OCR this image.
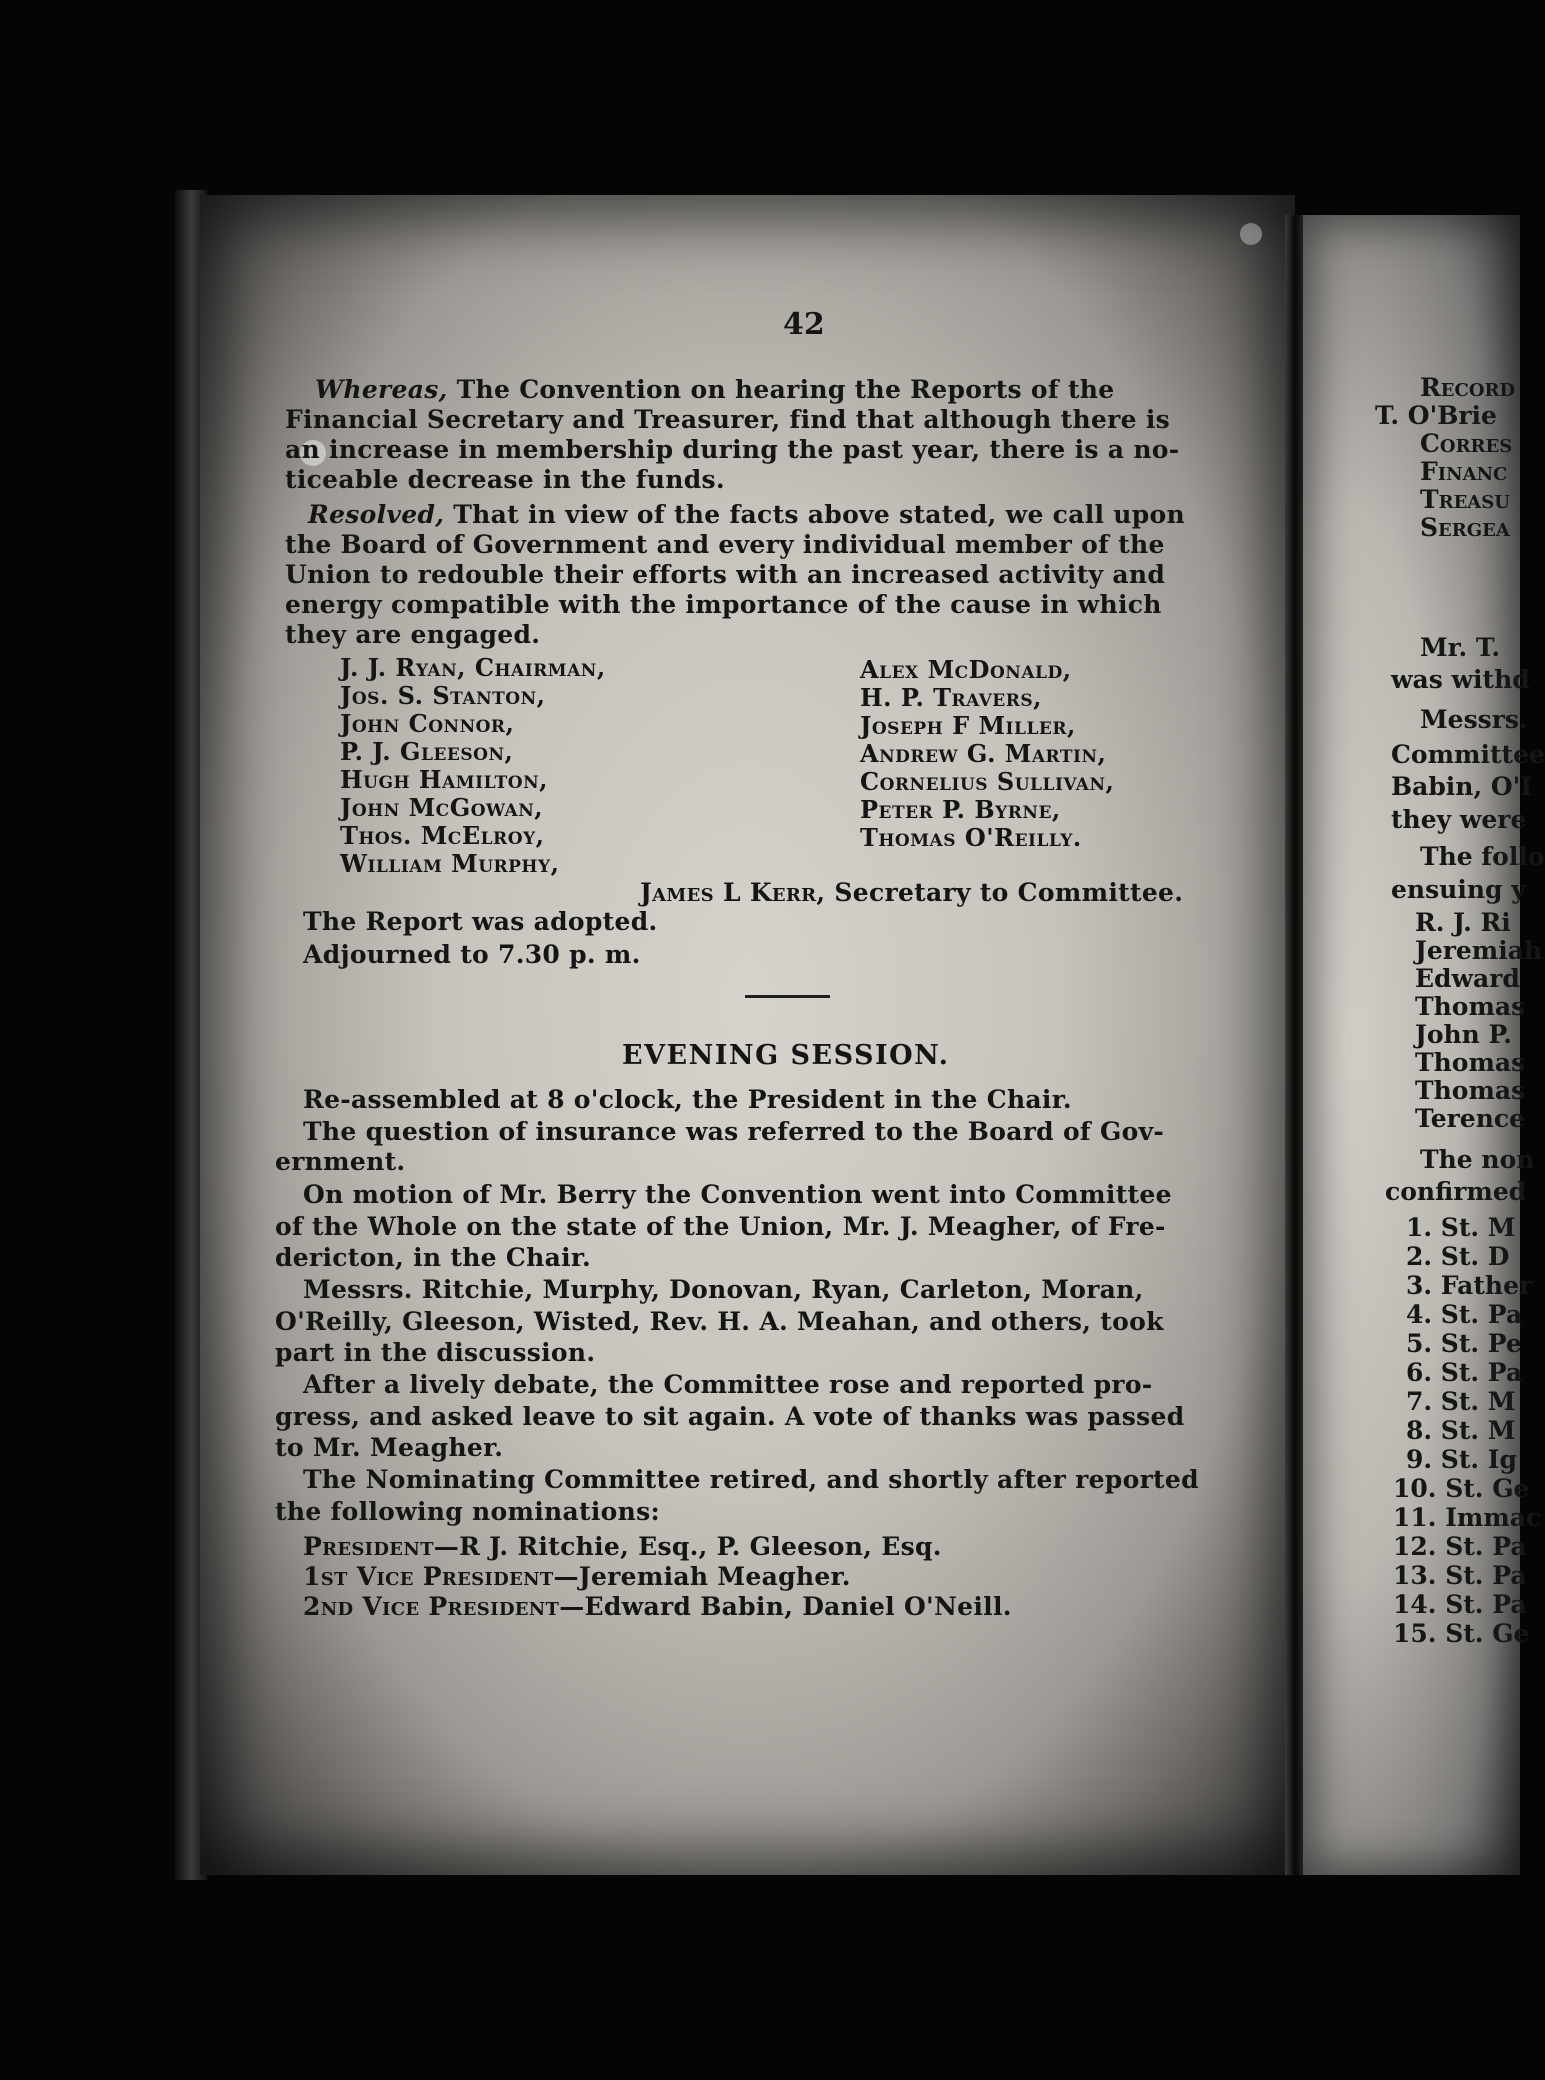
42
Whereas, The Convention on hearing the Reports of the
Financial Secretary and Treasurer, find that although there is
an increase in membership during the past year, there is a no-
ticeable decrease in the funds.
Resolved, That in view of the facts above stated, we call upon
the Board of Government and every individual member of the
Union to redouble their efforts with an increased activity and
energy compatible with the importance of the cause in which
they are engaged.
J. J. Ryan, Chairman,
Jos. S. Stanton,
John Connor,
P. J. Gleeson,
Hugh Hamilton,
John McGowan,
Thos. McElroy,
William Murphy,
Alex McDonald,
H. P. Travers,
Joseph F Miller,
Andrew G. Martin,
Cornelius Sullivan,
Peter P. Byrne,
Thomas O'Reilly.
James L Kerr, Secretary to Committee.
The Report was adopted.
Adjourned to 7.30 p. m.
EVENING SESSION.
Re-assembled at 8 o'clock, the President in the Chair.
The question of insurance was referred to the Board of Gov-
ernment.
On motion of Mr. Berry the Convention went into Committee
of the Whole on the state of the Union, Mr. J. Meagher, of Fre-
dericton, in the Chair.
Messrs. Ritchie, Murphy, Donovan, Ryan, Carleton, Moran,
O'Reilly, Gleeson, Wisted, Rev. H. A. Meahan, and others, took
part in the discussion.
After a lively debate, the Committee rose and reported pro-
gress, and asked leave to sit again. A vote of thanks was passed
to Mr. Meagher.
The Nominating Committee retired, and shortly after reported
the following nominations:
President—R J. Ritchie, Esq., P. Gleeson, Esq.
1st Vice President—Jeremiah Meagher.
2nd Vice President—Edward Babin, Daniel O'Neill.
Record
T. O'Brie
Corres
Financ
Treasu
Sergea
Mr. T.
was withd
Messrs.
Committee
Babin, O'I
they were
The follo
ensuing y
R. J. Ri
Jeremiah
Edward
Thomas
John P.
Thomas
Thomas
Terence
The non
confirmed
1. St. M
2. St. D
3. Father
4. St. Pa
5. St. Pe
6. St. Pa
7. St. M
8. St. M
9. St. Ig
10. St. Ge
11. Immac
12. St. Pa
13. St. Pa
14. St. Pa
15. St. Ge
